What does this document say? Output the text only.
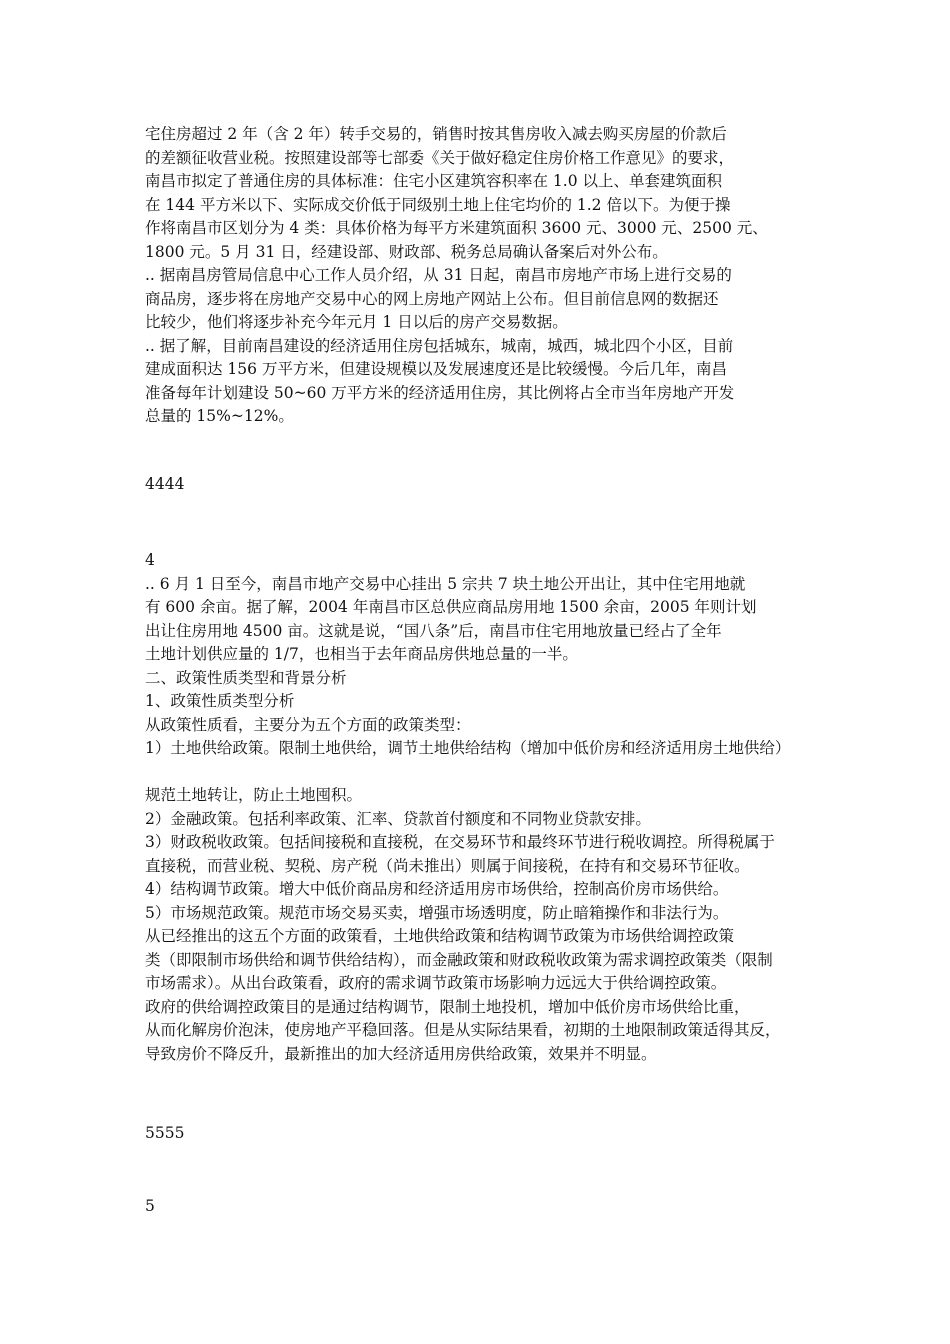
宅住房超过 2 年（含 2 年）转手交易的，销售时按其售房收入减去购买房屋的价款后
的差额征收营业税。按照建设部等七部委《关于做好稳定住房价格工作意见》的要求，
南昌市拟定了普通住房的具体标准：住宅小区建筑容积率在 1.0 以上、单套建筑面积
在 144 平方米以下、实际成交价低于同级别土地上住宅均价的 1.2 倍以下。为便于操
作将南昌市区划分为 4 类：具体价格为每平方米建筑面积 3600 元、3000 元、2500 元、
1800 元。5 月 31 日，经建设部、财政部、税务总局确认备案后对外公布。
.. 据南昌房管局信息中心工作人员介绍，从 31 日起，南昌市房地产市场上进行交易的
商品房，逐步将在房地产交易中心的网上房地产网站上公布。但目前信息网的数据还
比较少，他们将逐步补充今年元月 1 日以后的房产交易数据。
.. 据了解，目前南昌建设的经济适用住房包括城东，城南，城西，城北四个小区，目前
建成面积达 156 万平方米，但建设规模以及发展速度还是比较缓慢。今后几年，南昌
准备每年计划建设 50~60 万平方米的经济适用住房，其比例将占全市当年房地产开发
总量的 15%~12%。
4444
4
.. 6 月 1 日至今，南昌市地产交易中心挂出 5 宗共 7 块土地公开出让，其中住宅用地就
有 600 余亩。据了解，2004 年南昌市区总供应商品房用地 1500 余亩，2005 年则计划
出让住房用地 4500 亩。这就是说，“国八条”后，南昌市住宅用地放量已经占了全年
土地计划供应量的 1/7，也相当于去年商品房供地总量的一半。
二、政策性质类型和背景分析
1、政策性质类型分析
从政策性质看，主要分为五个方面的政策类型：
1）土地供给政策。限制土地供给，调节土地供给结构（增加中低价房和经济适用房土地供给）
规范土地转让，防止土地囤积。
2）金融政策。包括利率政策、汇率、贷款首付额度和不同物业贷款安排。
3）财政税收政策。包括间接税和直接税，在交易环节和最终环节进行税收调控。所得税属于
直接税，而营业税、契税、房产税（尚未推出）则属于间接税，在持有和交易环节征收。
4）结构调节政策。增大中低价商品房和经济适用房市场供给，控制高价房市场供给。
5）市场规范政策。规范市场交易买卖，增强市场透明度，防止暗箱操作和非法行为。
从已经推出的这五个方面的政策看，土地供给政策和结构调节政策为市场供给调控政策
类（即限制市场供给和调节供给结构），而金融政策和财政税收政策为需求调控政策类（限制
市场需求）。从出台政策看，政府的需求调节政策市场影响力远远大于供给调控政策。
政府的供给调控政策目的是通过结构调节，限制土地投机，增加中低价房市场供给比重，
从而化解房价泡沫，使房地产平稳回落。但是从实际结果看，初期的土地限制政策适得其反，
导致房价不降反升，最新推出的加大经济适用房供给政策，效果并不明显。
5555
5
